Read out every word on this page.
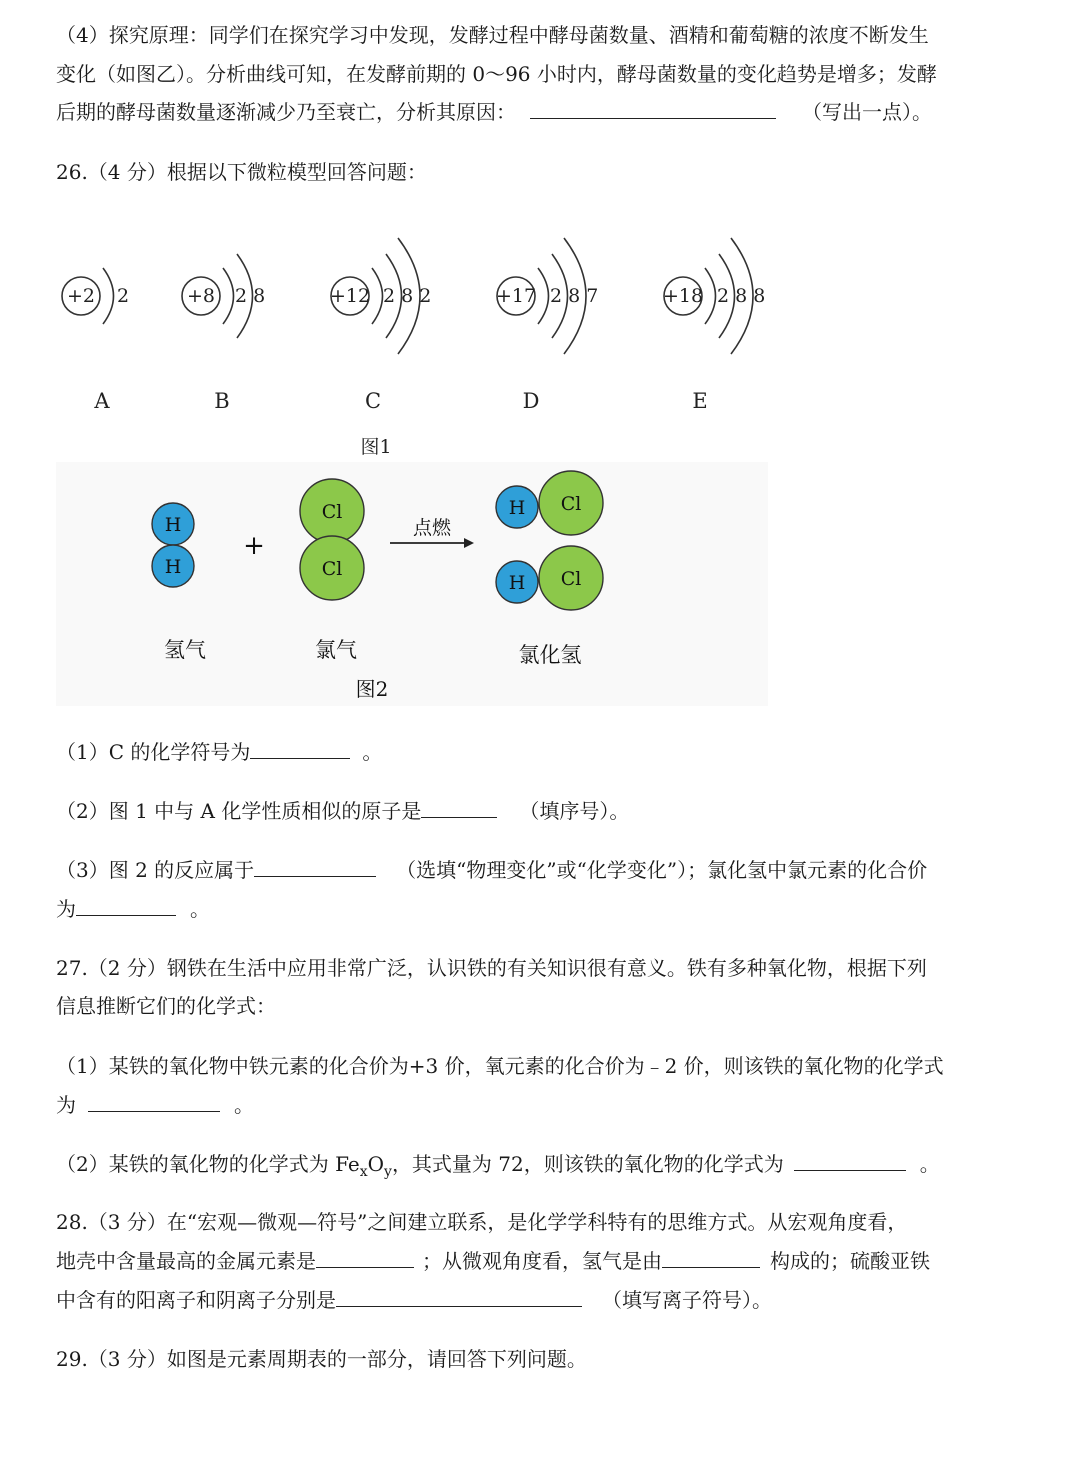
（4）探究原理：同学们在探究学习中发现，发酵过程中酵母菌数量、酒精和葡萄糖的浓度不断发生
变化（如图乙）。分析曲线可知，在发酵前期的 0～96 小时内，酵母菌数量的变化趋势是增多；发酵
后期的酵母菌数量逐渐减少乃至衰亡，分析其原因：	（写出一点）。
26.（4 分）根据以下微粒模型回答问题：
+2	+8	+12	+17	+18
2	2 8	2 8 2	2 8 7	2 8 8
A	B	C	D	E
图1
H
H
H
H
Cl
Cl
Cl
Cl
+
点燃
氢气	氯气	氯化氢
图2
（1）C 的化学符号为	。
（2）图 1 中与 A 化学性质相似的原子是	（填序号）。
（3）图 2 的反应属于	（选填“物理变化”或“化学变化”）；氯化氢中氯元素的化合价
为	。
27.（2 分）钢铁在生活中应用非常广泛，认识铁的有关知识很有意义。铁有多种氧化物，根据下列
信息推断它们的化学式：
（1）某铁的氧化物中铁元素的化合价为+3 价，氧元素的化合价为﹣2 价，则该铁的氧化物的化学式
为	。
（2）某铁的氧化物的化学式为 $Fe_xO_y$，其式量为 72，则该铁的氧化物的化学式为	。
28.（3 分）在“宏观—微观—符号”之间建立联系，是化学学科特有的思维方式。从宏观角度看，
地壳中含量最高的金属元素是	；从微观角度看，氢气是由	构成的；硫酸亚铁
中含有的阳离子和阴离子分别是	（填写离子符号）。
29.（3 分）如图是元素周期表的一部分，请回答下列问题。
